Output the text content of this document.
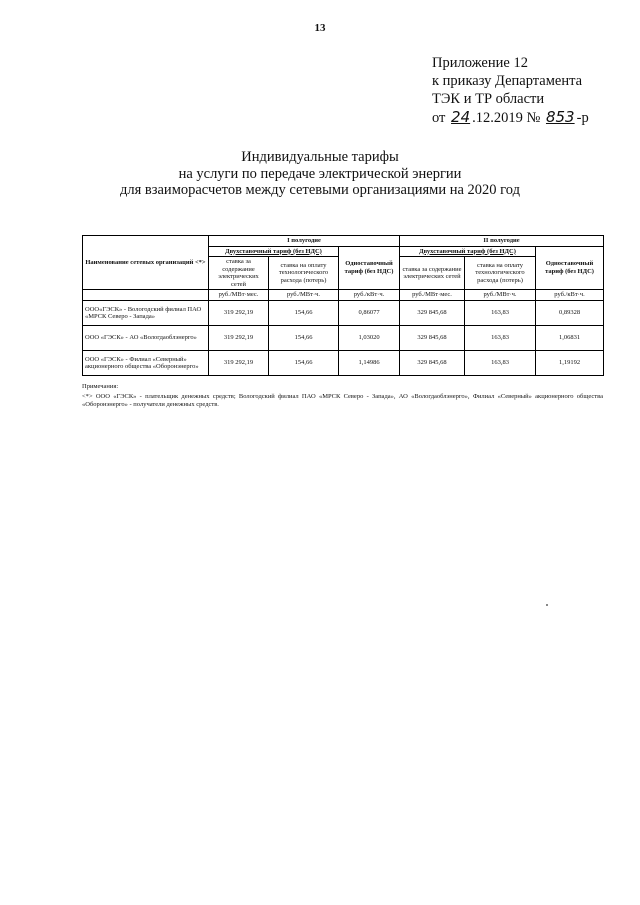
13
Приложение 12
к приказу Департамента
ТЭК и ТР области
от 24 .12.2019 № 853 -р
Индивидуальные тарифы
на услуги по передаче электрической энергии
для взаиморасчетов между сетевыми организациями на 2020 год
Наименование сетевых организаций <*>	I полугодие			II полугодие		
	Двухставочный тариф (без НДС)		Одноставочный тариф (без НДС)	Двухставочный тариф (без НДС)		Одноставочный тариф (без НДС)
	ставка за содержание электрических сетей	ставка на оплату технологического расхода (потерь)		ставка за содержание электрических сетей	ставка на оплату технологического расхода (потерь)	
	руб./МВт·мес.	руб./МВт·ч.	руб./кВт·ч.	руб./МВт·мес.	руб./МВт·ч.	руб./кВт·ч.
ООО«ГЭСК» - Вологодский филиал ПАО «МРСК Северо - Запада»	319 292,19	154,66	0,86077	329 845,68	163,83	0,89328
ООО «ГЭСК» - АО «Вологдаоблэнерго»	319 292,19	154,66	1,03020	329 845,68	163,83	1,06831
ООО «ГЭСК» - Филиал «Северный» акционерного общества «Оборонэнерго»	319 292,19	154,66	1,14986	329 845,68	163,83	1,19192
Примечания:
<*> ООО «ГЭСК» - плательщик денежных средств; Вологодский филиал ПАО «МРСК Северо - Запада», АО «Вологдаоблэнерго», Филиал «Северный» акционерного общества «Оборонэнерго» - получатели денежных средств.
